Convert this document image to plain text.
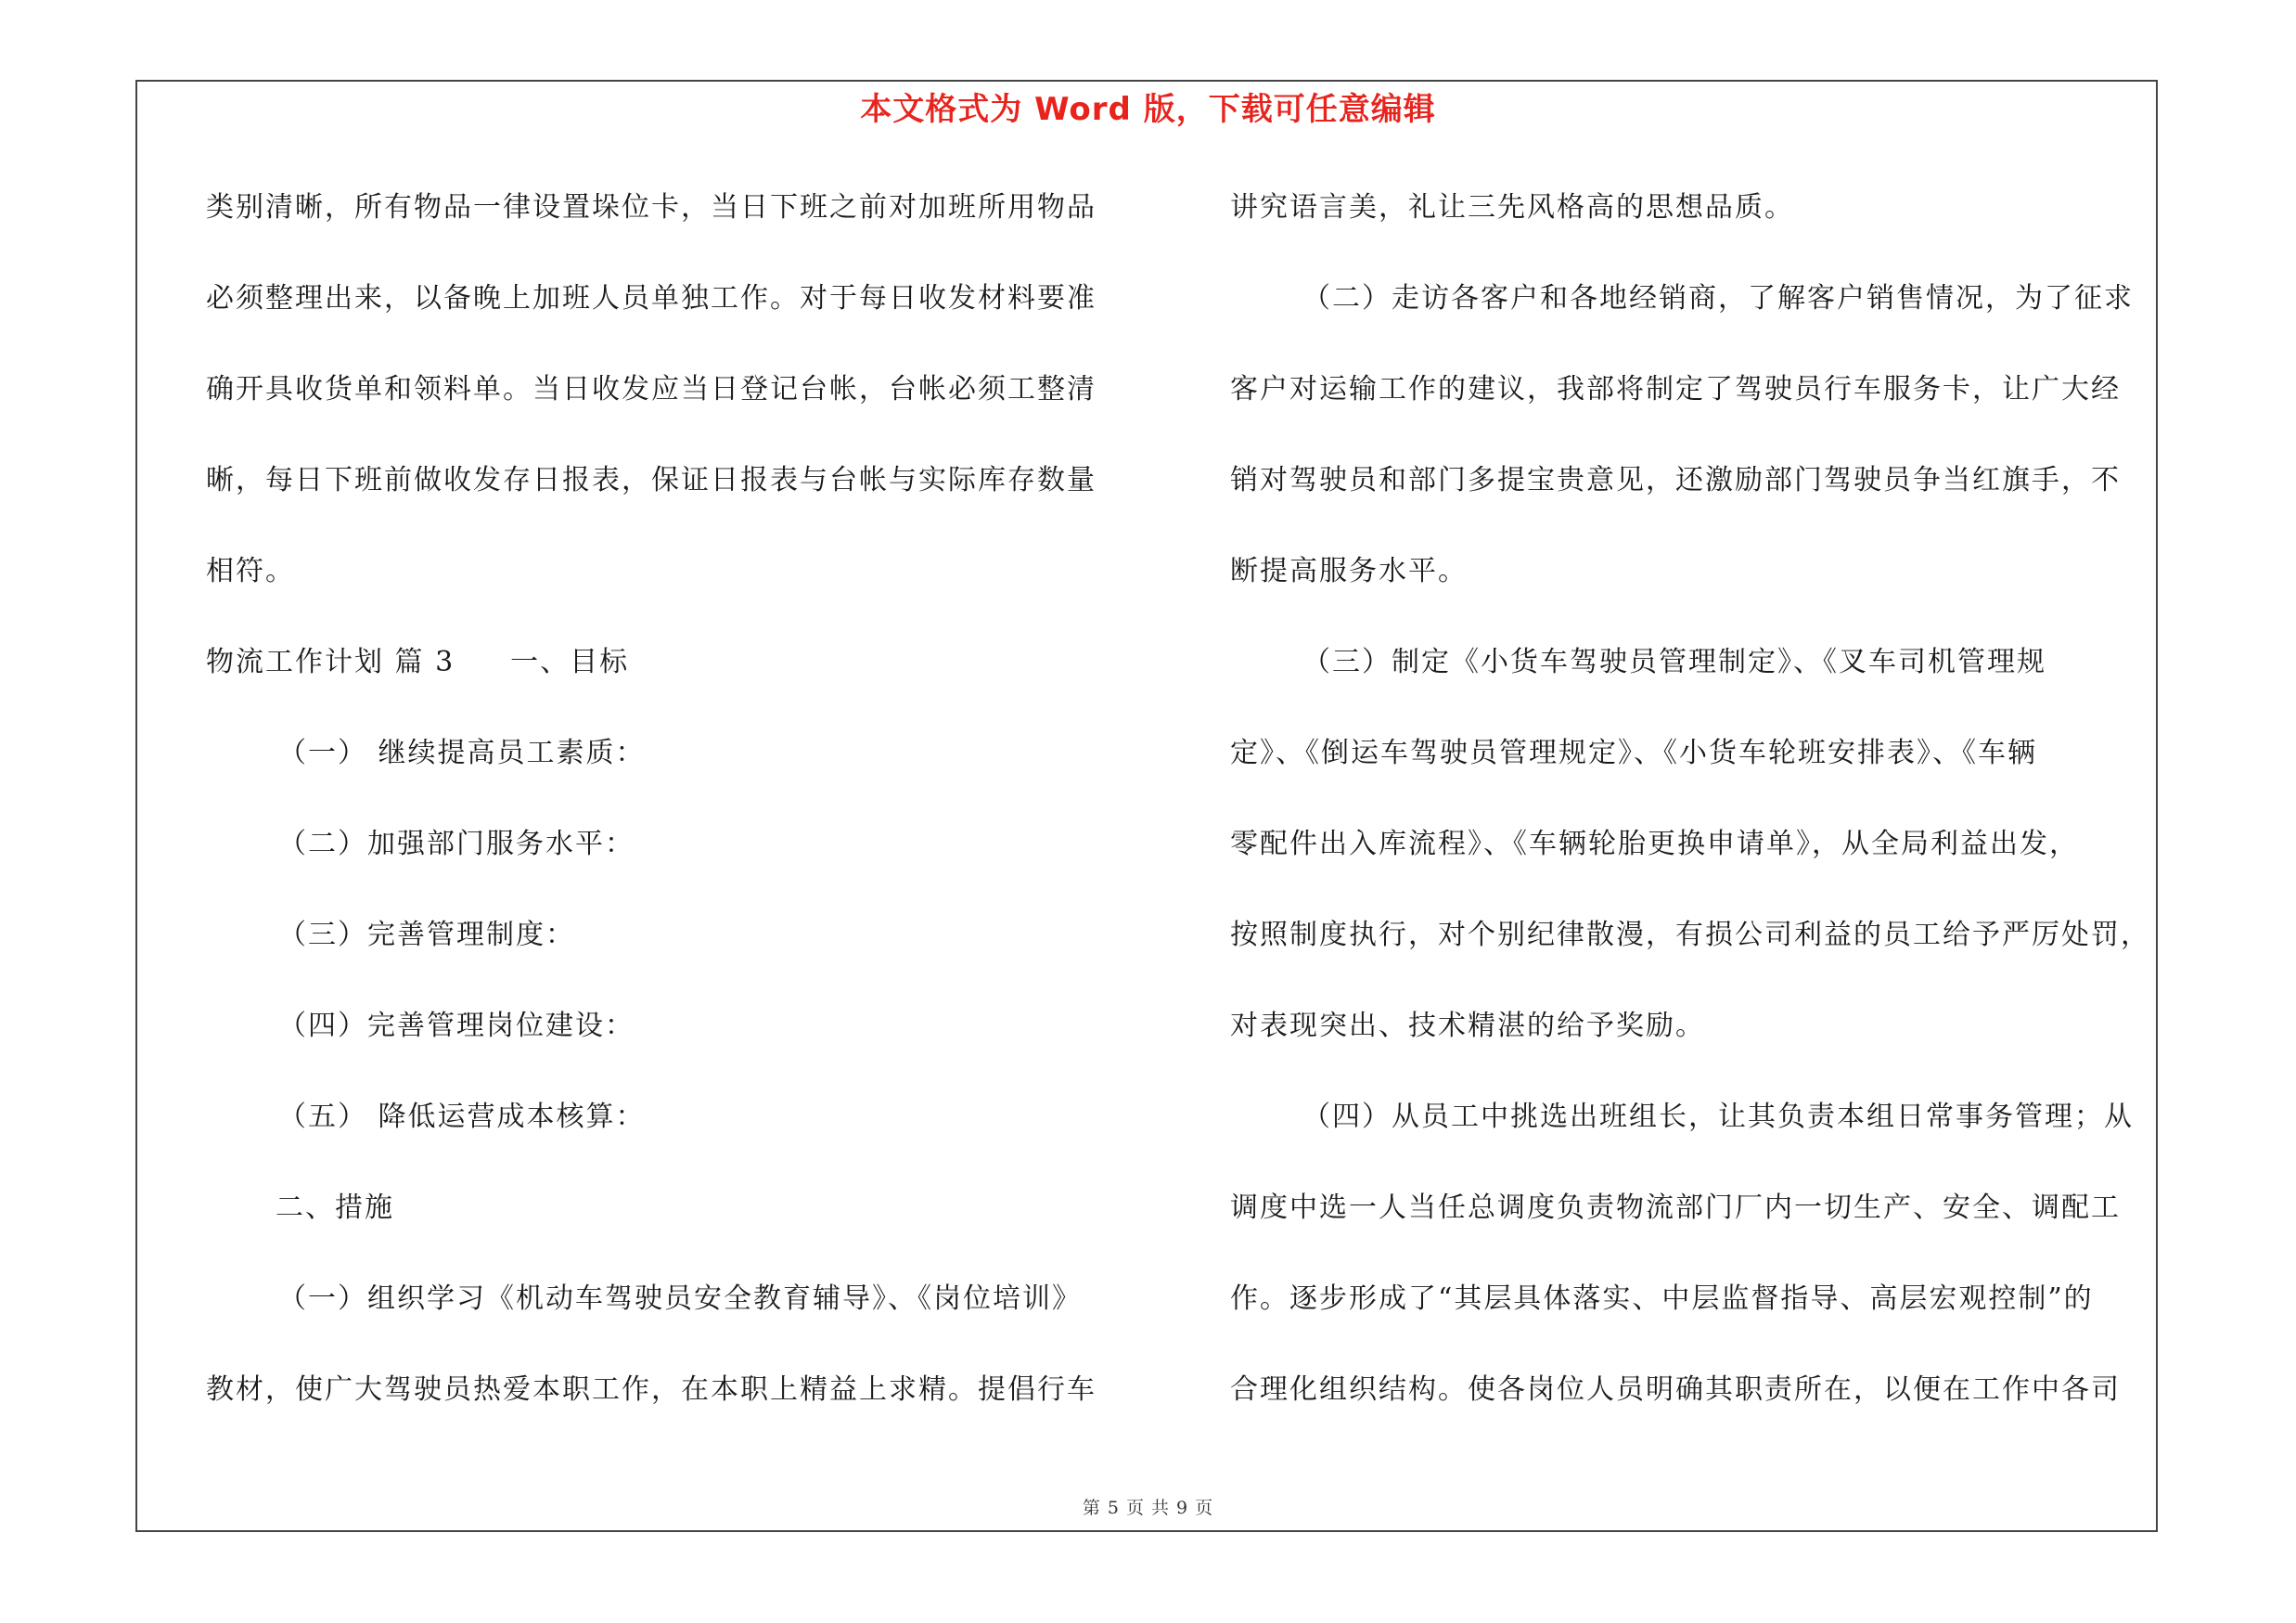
本文格式为 Word 版，下载可任意编辑

类别清晰，所有物品一律设置垛位卡，当日下班之前对加班所用物品

必须整理出来，以备晚上加班人员单独工作。对于每日收发材料要准

确开具收货单和领料单。当日收发应当日登记台帐，台帐必须工整清

晰，每日下班前做收发存日报表，保证日报表与台帐与实际库存数量

相符。

物流工作计划 篇 3 一、目标

（一） 继续提高员工素质：

（二）加强部门服务水平：

（三）完善管理制度：

（四）完善管理岗位建设：

（五） 降低运营成本核算：

二、措施

（一）组织学习《机动车驾驶员安全教育辅导》、《岗位培训》

教材，使广大驾驶员热爱本职工作，在本职上精益上求精。提倡行车

讲究语言美，礼让三先风格高的思想品质。

（二）走访各客户和各地经销商，了解客户销售情况，为了征求

客户对运输工作的建议，我部将制定了驾驶员行车服务卡，让广大经

销对驾驶员和部门多提宝贵意见，还激励部门驾驶员争当红旗手，不

断提高服务水平。

（三）制定《小货车驾驶员管理制定》、《叉车司机管理规

定》、《倒运车驾驶员管理规定》、《小货车轮班安排表》、《车辆

零配件出入库流程》、《车辆轮胎更换申请单》，从全局利益出发，

按照制度执行，对个别纪律散漫，有损公司利益的员工给予严厉处罚，

对表现突出、技术精湛的给予奖励。

（四）从员工中挑选出班组长，让其负责本组日常事务管理；从

调度中选一人当任总调度负责物流部门厂内一切生产、安全、调配工

作。逐步形成了“其层具体落实、中层监督指导、高层宏观控制”的

合理化组织结构。使各岗位人员明确其职责所在，以便在工作中各司

第 5 页 共 9 页
